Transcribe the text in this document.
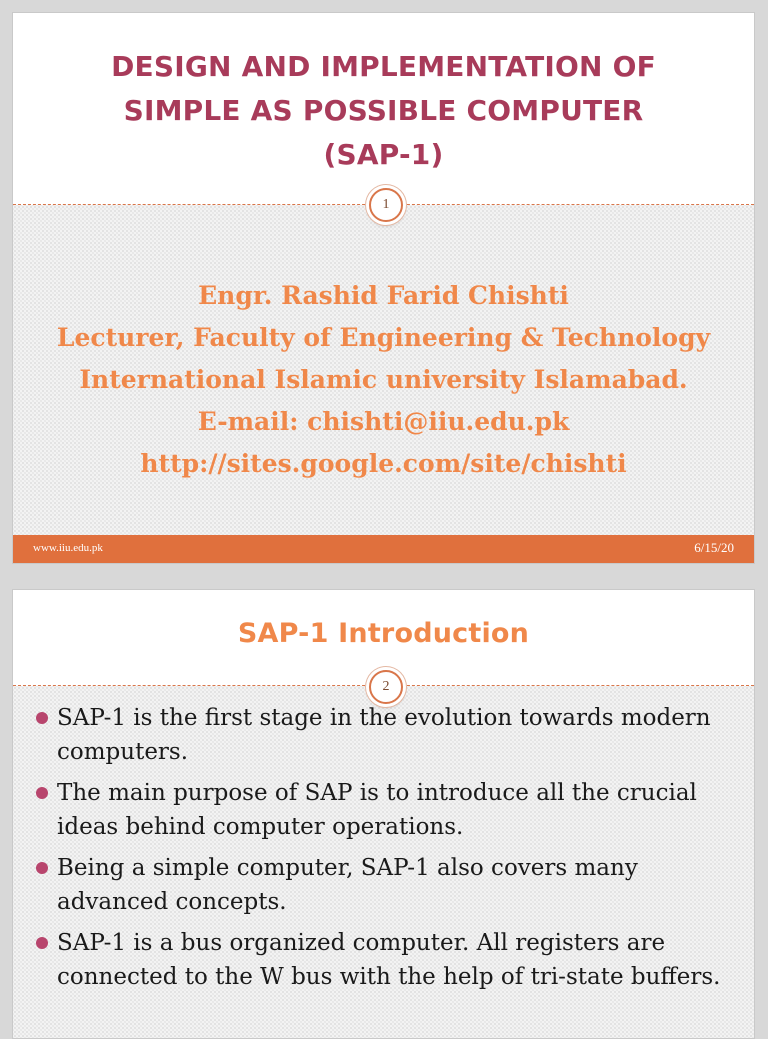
DESIGN AND IMPLEMENTATION OF
SIMPLE AS POSSIBLE COMPUTER
(SAP-1)
Engr. Rashid Farid Chishti
Lecturer, Faculty of Engineering & Technology
International Islamic university Islamabad.
E-mail: chishti@iiu.edu.pk
http://sites.google.com/site/chishti
1
www.iiu.edu.pk	6/15/20
SAP-1 Introduction
SAP-1 is the first stage in the evolution towards modern computers.
The main purpose of SAP is to introduce all the crucial ideas behind computer operations.
Being a simple computer, SAP-1 also covers many advanced concepts.
SAP-1 is a bus organized computer. All registers are connected to the W bus with the help of tri-state buffers.
2
